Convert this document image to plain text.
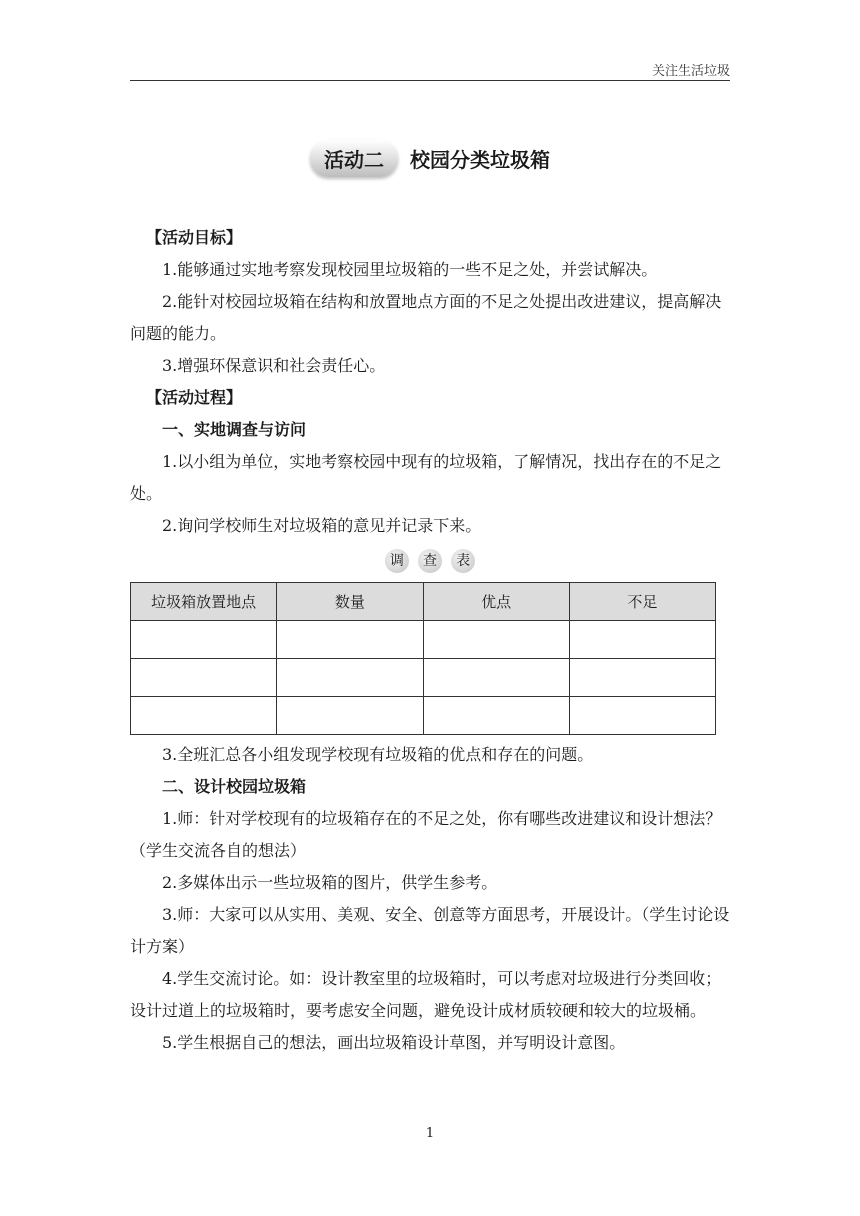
关注生活垃圾
活动二 校园分类垃圾箱

【活动目标】

1.能够通过实地考察发现校园里垃圾箱的一些不足之处，并尝试解决。

2.能针对校园垃圾箱在结构和放置地点方面的不足之处提出改进建议，提高解决问题的能力。

3.增强环保意识和社会责任心。

【活动过程】

一、实地调查与访问

1.以小组为单位，实地考察校园中现有的垃圾箱，了解情况，找出存在的不足之处。

2.询问学校师生对垃圾箱的意见并记录下来。

调 查 表
垃圾箱放置地点	数量	优点	不足

3.全班汇总各小组发现学校现有垃圾箱的优点和存在的问题。

二、设计校园垃圾箱

1.师：针对学校现有的垃圾箱存在的不足之处，你有哪些改进建议和设计想法？（学生交流各自的想法）

2.多媒体出示一些垃圾箱的图片，供学生参考。

3.师：大家可以从实用、美观、安全、创意等方面思考，开展设计。（学生讨论设计方案）

4.学生交流讨论。如：设计教室里的垃圾箱时，可以考虑对垃圾进行分类回收；设计过道上的垃圾箱时，要考虑安全问题，避免设计成材质较硬和较大的垃圾桶。

5.学生根据自己的想法，画出垃圾箱设计草图，并写明设计意图。

1
